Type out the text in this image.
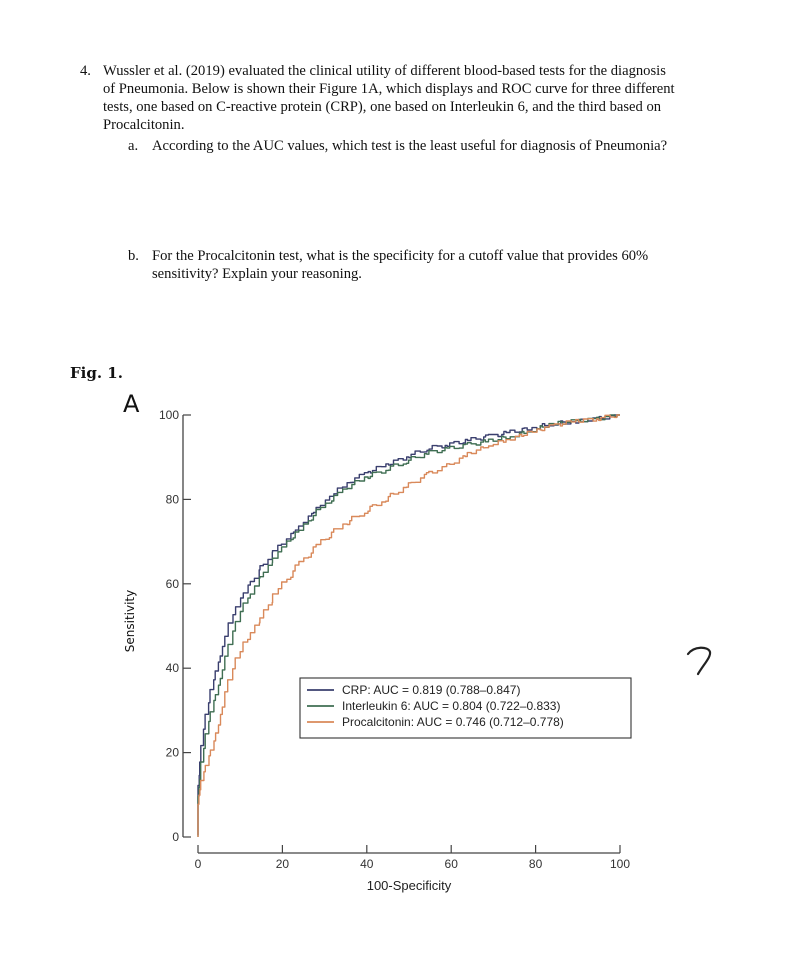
4. Wussler et al. (2019) evaluated the clinical utility of different blood-based tests for the diagnosis of Pneumonia. Below is shown their Figure 1A, which displays and ROC curve for three different tests, one based on C-reactive protein (CRP), one based on Interleukin 6, and the third based on Procalcitonin.
a. According to the AUC values, which test is the least useful for diagnosis of Pneumonia?
b. For the Procalcitonin test, what is the specificity for a cutoff value that provides 60% sensitivity? Explain your reasoning.
Fig. 1.
A
Sensitivity
0
20
40
60
80
100
0	20	40	60	80	100
100-Specificity
CRP: AUC = 0.819 (0.788–0.847)
Interleukin 6: AUC = 0.804 (0.722–0.833)
Procalcitonin: AUC = 0.746 (0.712–0.778)
